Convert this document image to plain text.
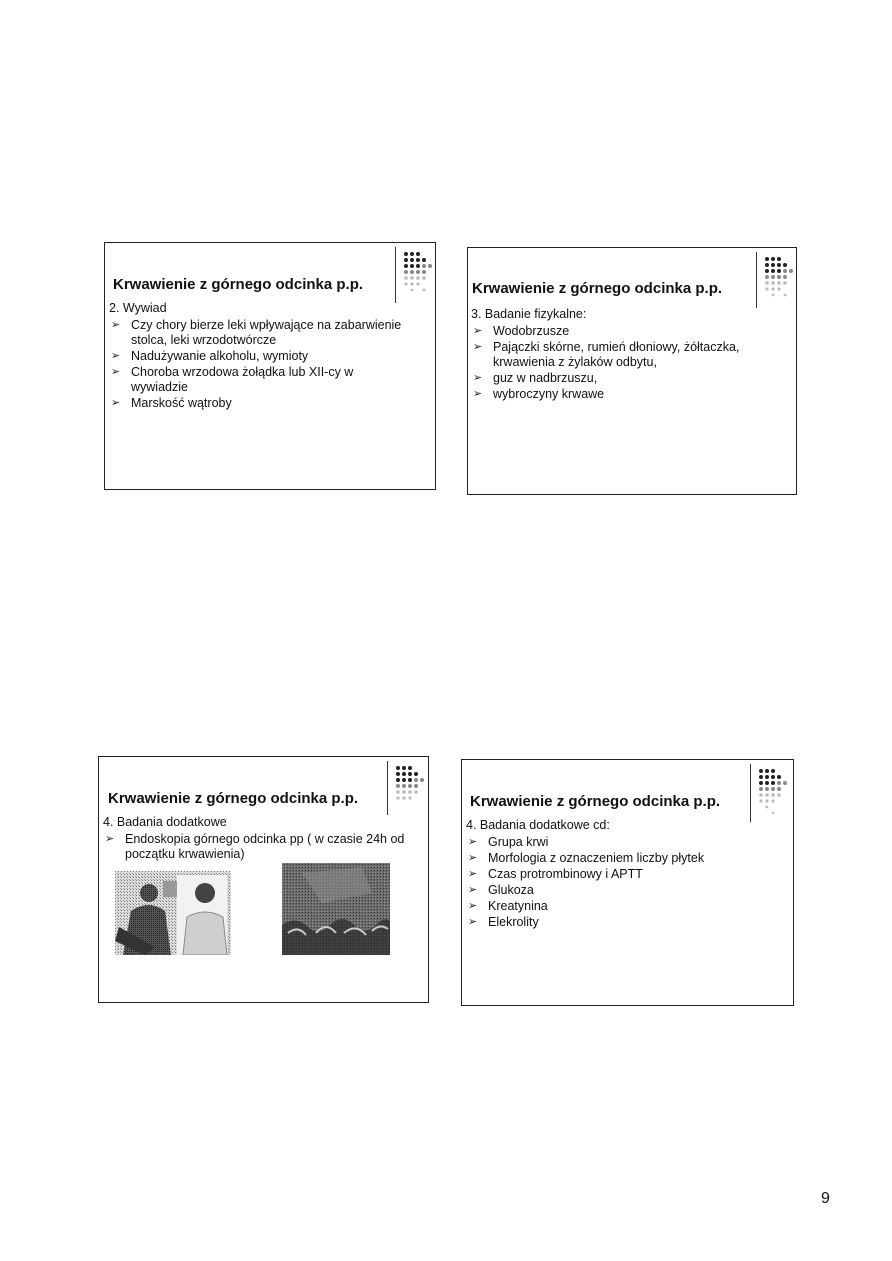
Krwawienie z górnego odcinka p.p.
2. Wywiad
➢ Czy chory bierze leki wpływające na zabarwienie stolca, leki wrzodotwórcze
➢ Nadużywanie alkoholu, wymioty
➢ Choroba wrzodowa żołądka lub XII-cy w wywiadzie
➢ Marskość wątroby
Krwawienie z górnego odcinka p.p.
3. Badanie fizykalne:
➢ Wodobrzusze
➢ Pajączki skórne, rumień dłoniowy, żółtaczka, krwawienia z żylaków odbytu,
➢ guz w nadbrzuszu,
➢ wybroczyny krwawe
Krwawienie z górnego odcinka p.p.
4. Badania dodatkowe
➢ Endoskopia górnego odcinka pp ( w czasie 24h od początku krwawienia)
Krwawienie z górnego odcinka p.p.
4. Badania dodatkowe cd:
➢ Grupa krwi
➢ Morfologia z oznaczeniem liczby płytek
➢ Czas protrombinowy i APTT
➢ Glukoza
➢ Kreatynina
➢ Elekrolity
9
